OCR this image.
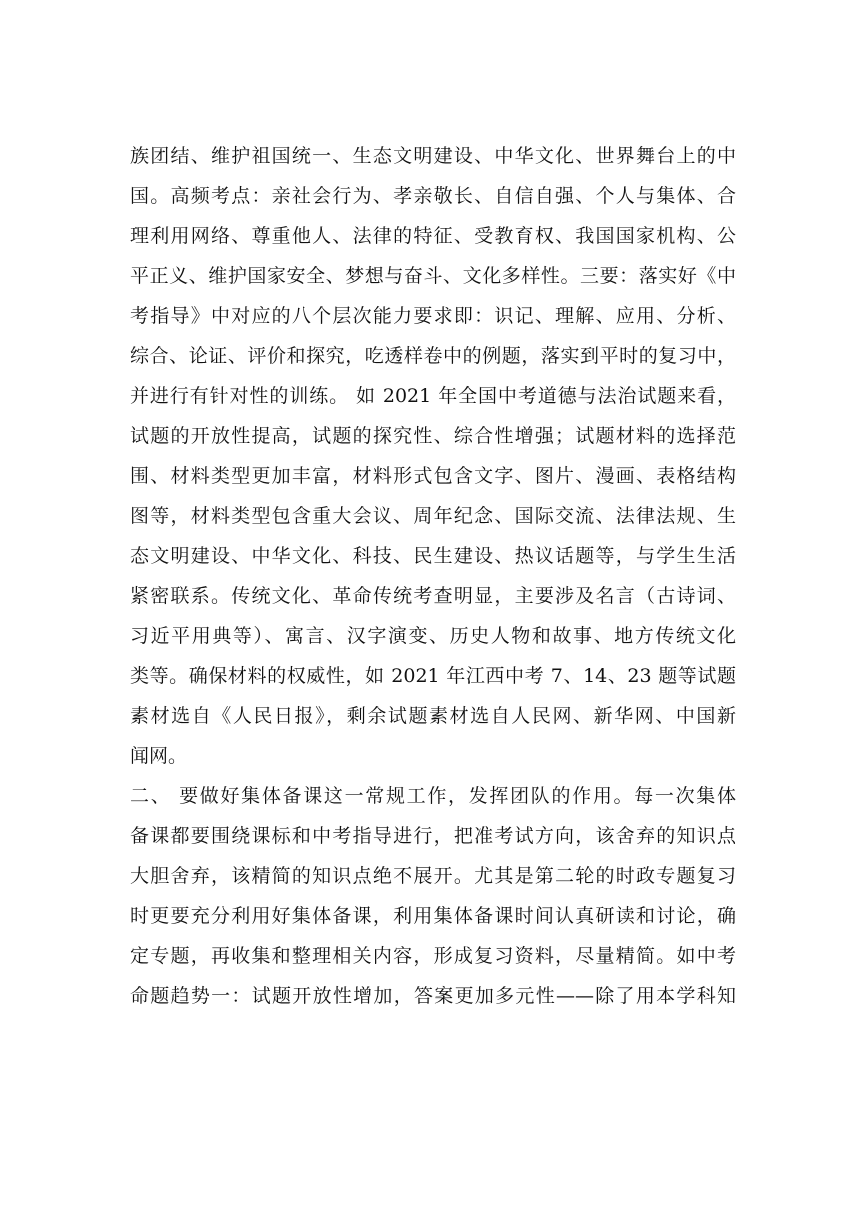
族团结、维护祖国统一、生态文明建设、中华文化、世界舞台上的中
国。高频考点：亲社会行为、孝亲敬长、自信自强、个人与集体、合
理利用网络、尊重他人、法律的特征、受教育权、我国国家机构、公
平正义、维护国家安全、梦想与奋斗、文化多样性。三要：落实好《中
考指导》中对应的八个层次能力要求即：识记、理解、应用、分析、
综合、论证、评价和探究，吃透样卷中的例题，落实到平时的复习中，
并进行有针对性的训练。 如 2021 年全国中考道德与法治试题来看，
试题的开放性提高，试题的探究性、综合性增强；试题材料的选择范
围、材料类型更加丰富，材料形式包含文字、图片、漫画、表格结构
图等，材料类型包含重大会议、周年纪念、国际交流、法律法规、生
态文明建设、中华文化、科技、民生建设、热议话题等，与学生生活
紧密联系。传统文化、革命传统考查明显，主要涉及名言（古诗词、
习近平用典等）、寓言、汉字演变、历史人物和故事、地方传统文化
类等。确保材料的权威性，如 2021 年江西中考 7、14、23 题等试题
素材选自《人民日报》，剩余试题素材选自人民网、新华网、中国新
闻网。
二、 要做好集体备课这一常规工作，发挥团队的作用。每一次集体
备课都要围绕课标和中考指导进行，把准考试方向，该舍弃的知识点
大胆舍弃，该精简的知识点绝不展开。尤其是第二轮的时政专题复习
时更要充分利用好集体备课，利用集体备课时间认真研读和讨论，确
定专题，再收集和整理相关内容，形成复习资料，尽量精简。如中考
命题趋势一：试题开放性增加，答案更加多元性——除了用本学科知
